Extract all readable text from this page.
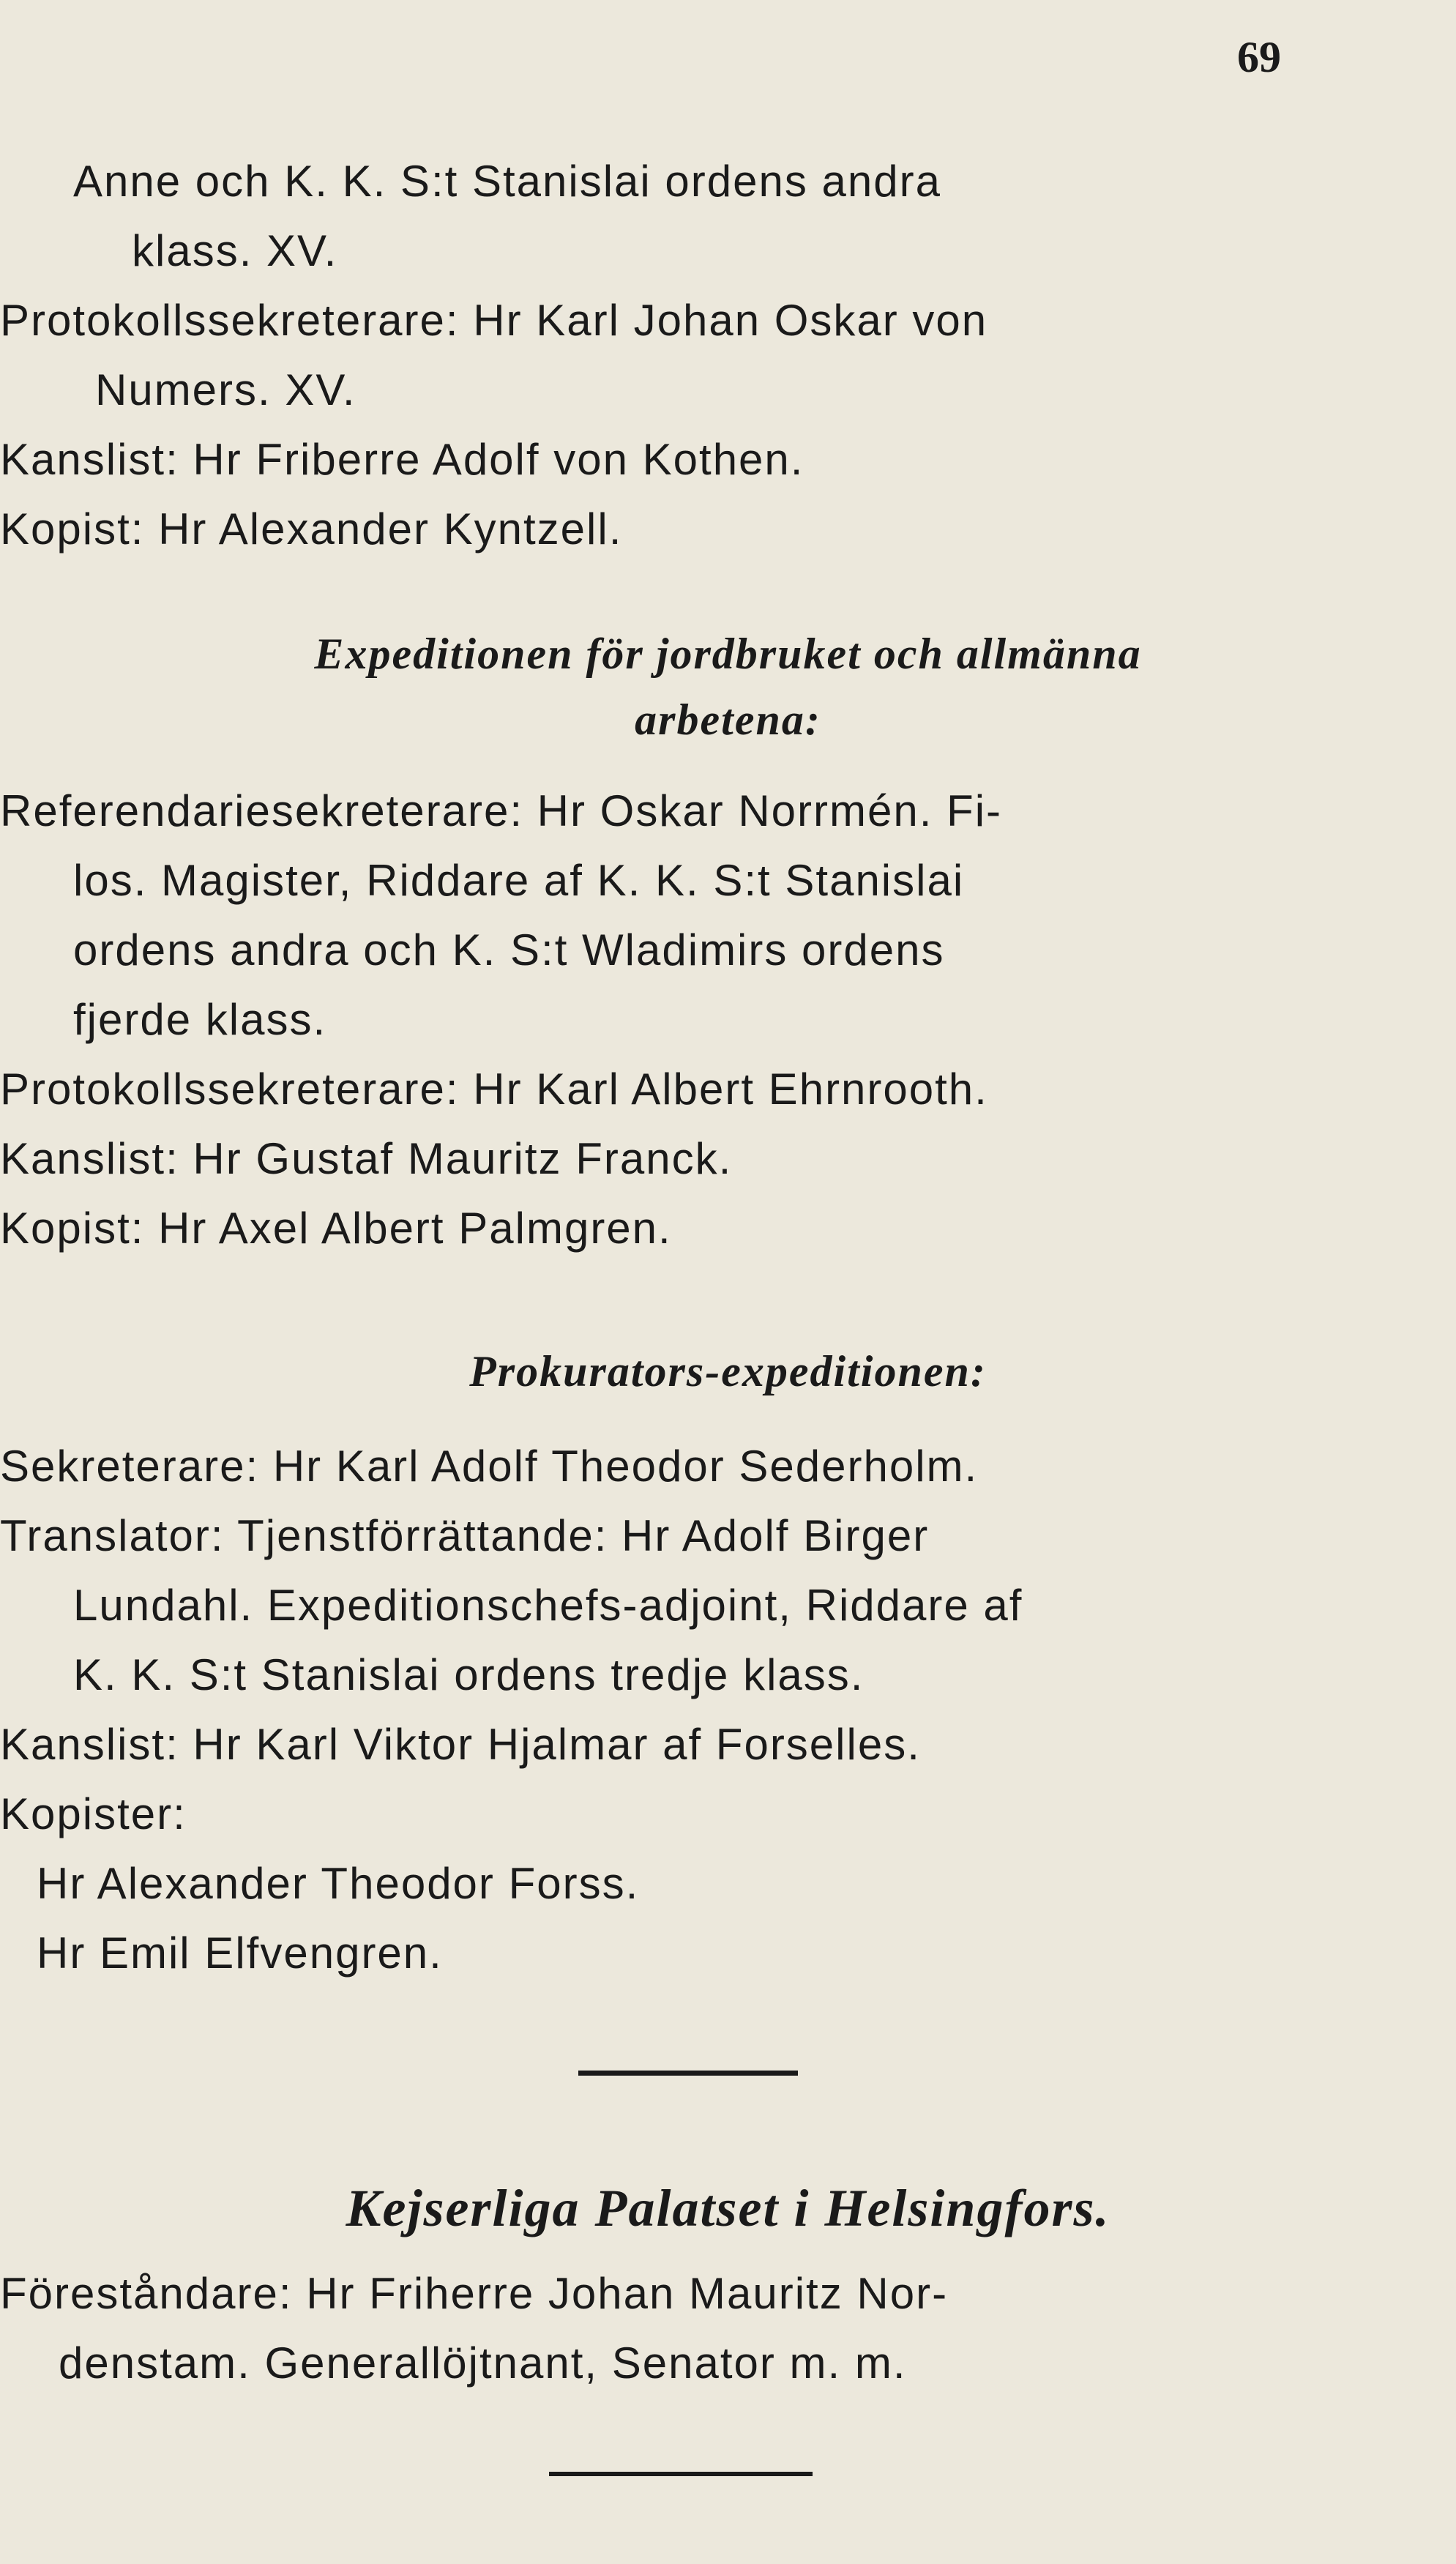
69
Anne och K. K. S:t Stanislai ordens andra
klass. XV.
Protokollssekreterare: Hr Karl Johan Oskar von
Numers. XV.
Kanslist: Hr Friberre Adolf von Kothen.
Kopist: Hr Alexander Kyntzell.
Expeditionen för jordbruket och allmänna
arbetena:
Referendariesekreterare: Hr Oskar Norrmén. Fi-
los. Magister, Riddare af K. K. S:t Stanislai
ordens andra och K. S:t Wladimirs ordens
fjerde klass.
Protokollssekreterare: Hr Karl Albert Ehrnrooth.
Kanslist: Hr Gustaf Mauritz Franck.
Kopist: Hr Axel Albert Palmgren.
Prokurators-expeditionen:
Sekreterare: Hr Karl Adolf Theodor Sederholm.
Translator: Tjenstförrättande: Hr Adolf Birger
Lundahl. Expeditionschefs-adjoint, Riddare af
K. K. S:t Stanislai ordens tredje klass.
Kanslist: Hr Karl Viktor Hjalmar af Forselles.
Kopister:
Hr Alexander Theodor Forss.
Hr Emil Elfvengren.
Kejserliga Palatset i Helsingfors.
Föreståndare: Hr Friherre Johan Mauritz Nor-
denstam. Generallöjtnant, Senator m. m.
